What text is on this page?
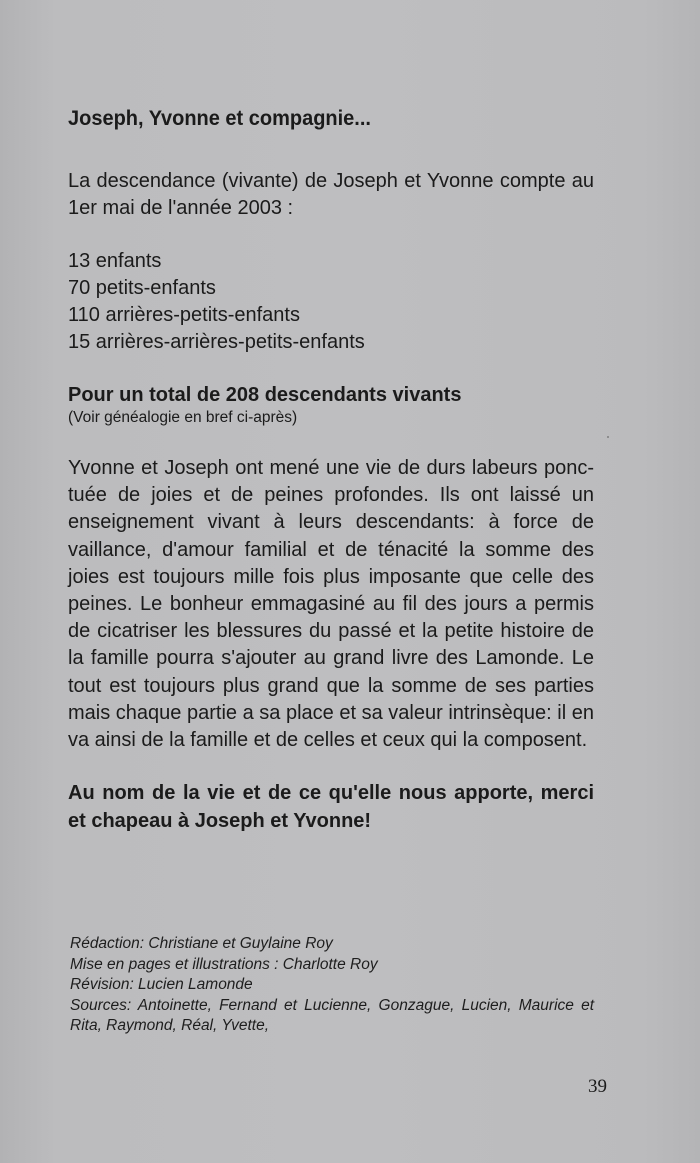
Joseph, Yvonne et compagnie...
La descendance (vivante) de Joseph et Yvonne compte au 1er mai de l'année 2003 :
13 enfants
70 petits-enfants
110 arrières-petits-enfants
15 arrières-arrières-petits-enfants
Pour un total de 208 descendants vivants
(Voir généalogie en bref ci-après)
Yvonne et Joseph ont mené une vie de durs labeurs ponctuée de joies et de peines profondes. Ils ont laissé un enseignement vivant à leurs descendants: à force de vaillance, d'amour familial et de ténacité la somme des joies est toujours mille fois plus imposante que celle des peines. Le bonheur emmagasiné au fil des jours a permis de cicatriser les blessures du passé et la petite histoire de la famille pourra s'ajouter au grand livre des Lamonde. Le tout est toujours plus grand que la somme de ses parties mais chaque partie a sa place et sa valeur intrinsèque: il en va ainsi de la famille et de celles et ceux qui la composent.
Au nom de la vie et de ce qu'elle nous apporte, merci et chapeau à Joseph et Yvonne!
Rédaction: Christiane et Guylaine Roy
Mise en pages et illustrations : Charlotte Roy
Révision: Lucien Lamonde
Sources: Antoinette, Fernand et Lucienne, Gonzague, Lucien, Maurice et Rita, Raymond, Réal, Yvette,
39
